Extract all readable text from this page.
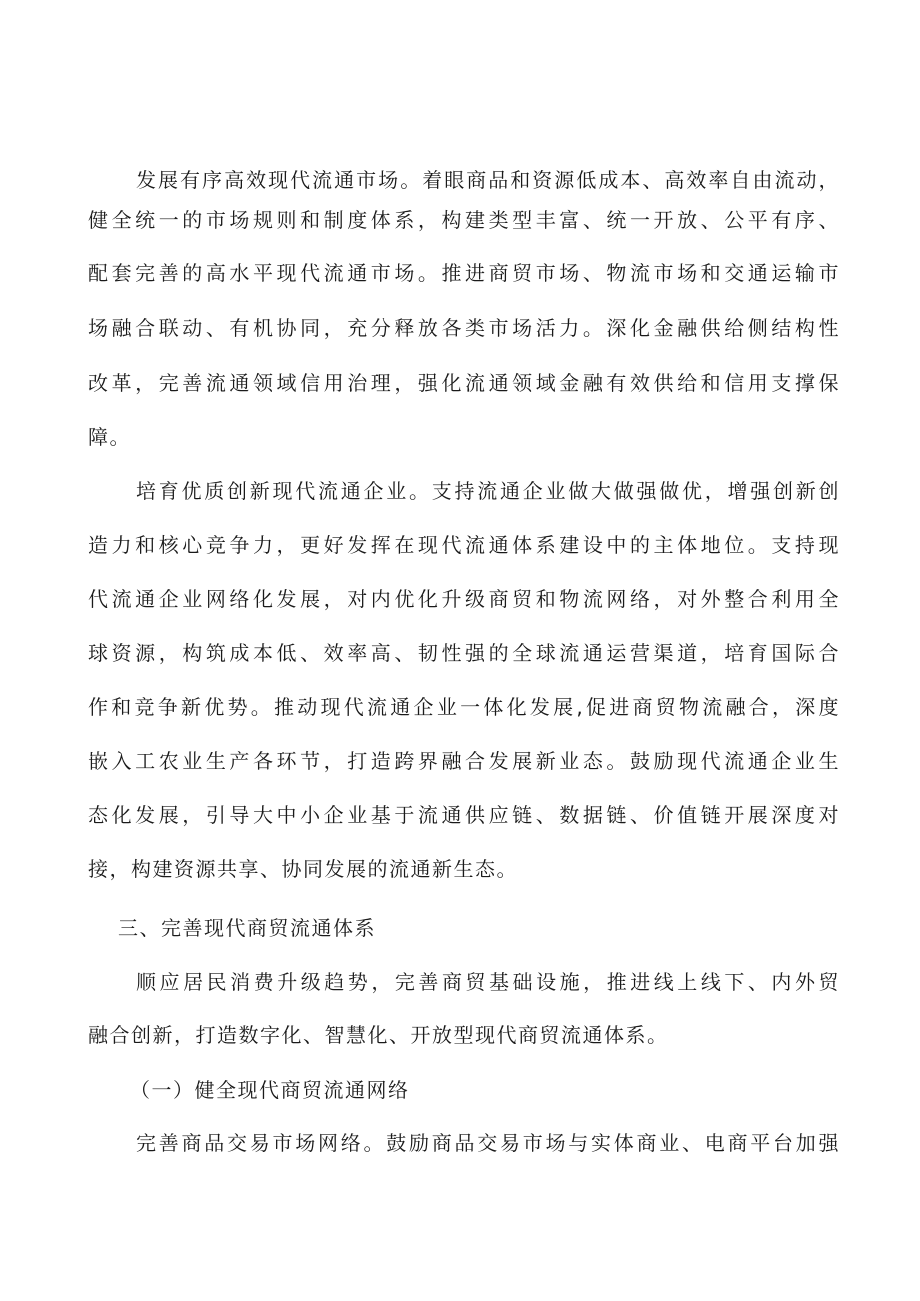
发展有序高效现代流通市场。着眼商品和资源低成本、高效率自由流动，
健全统一的市场规则和制度体系，构建类型丰富、统一开放、公平有序、
配套完善的高水平现代流通市场。推进商贸市场、物流市场和交通运输市
场融合联动、有机协同，充分释放各类市场活力。深化金融供给侧结构性
改革，完善流通领域信用治理，强化流通领域金融有效供给和信用支撑保
障。
培育优质创新现代流通企业。支持流通企业做大做强做优，增强创新创
造力和核心竞争力，更好发挥在现代流通体系建设中的主体地位。支持现
代流通企业网络化发展，对内优化升级商贸和物流网络，对外整合利用全
球资源，构筑成本低、效率高、韧性强的全球流通运营渠道，培育国际合
作和竞争新优势。推动现代流通企业一体化发展,促进商贸物流融合，深度
嵌入工农业生产各环节，打造跨界融合发展新业态。鼓励现代流通企业生
态化发展，引导大中小企业基于流通供应链、数据链、价值链开展深度对
接，构建资源共享、协同发展的流通新生态。
三、完善现代商贸流通体系
顺应居民消费升级趋势，完善商贸基础设施，推进线上线下、内外贸
融合创新，打造数字化、智慧化、开放型现代商贸流通体系。
（一）健全现代商贸流通网络
完善商品交易市场网络。鼓励商品交易市场与实体商业、电商平台加强
